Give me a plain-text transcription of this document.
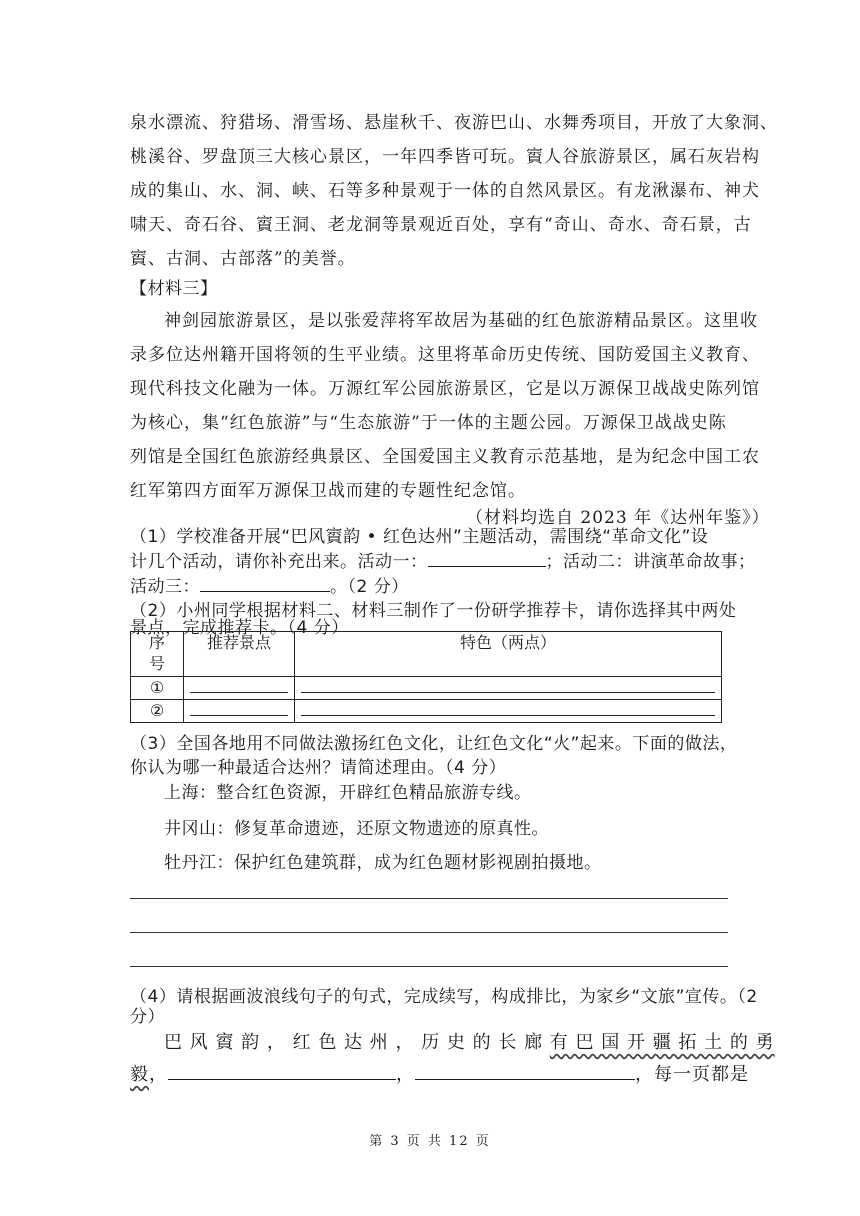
泉水漂流、狩猎场、滑雪场、悬崖秋千、夜游巴山、水舞秀项目，开放了大象洞、
桃溪谷、罗盘顶三大核心景区，一年四季皆可玩。賨人谷旅游景区，属石灰岩构
成的集山、水、洞、峡、石等多种景观于一体的自然风景区。有龙湫瀑布、神犬
啸天、奇石谷、賨王洞、老龙洞等景观近百处，享有“奇山、奇水、奇石景，古
賨、古洞、古部落”的美誉。
【材料三】
神剑园旅游景区，是以张爱萍将军故居为基础的红色旅游精品景区。这里收
录多位达州籍开国将领的生平业绩。这里将革命历史传统、国防爱国主义教育、
现代科技文化融为一体。万源红军公园旅游景区，它是以万源保卫战战史陈列馆
为核心，集“红色旅游”与“生态旅游”于一体的主题公园。万源保卫战战史陈
列馆是全国红色旅游经典景区、全国爱国主义教育示范基地，是为纪念中国工农
红军第四方面军万源保卫战而建的专题性纪念馆。
（材料均选自 2023 年《达州年鉴》）
（1）学校准备开展“巴风賨韵 • 红色达州”主题活动，需围绕“革命文化”设
计几个活动，请你补充出来。活动一：	；活动二：讲演革命故事；
活动三：	。（2 分）
（2）小州同学根据材料二、材料三制作了一份研学推荐卡，请你选择其中两处
景点，完成推荐卡。（4 分）
序
号	推荐景点	特色（两点）
①	

②	

（3）全国各地用不同做法激扬红色文化，让红色文化“火”起来。下面的做法，
你认为哪一种最适合达州？请简述理由。（4 分）
上海：整合红色资源，开辟红色精品旅游专线。
井冈山：修复革命遗迹，还原文物遗迹的原真性。
牡丹江：保护红色建筑群，成为红色题材影视剧拍摄地。
（4）请根据画波浪线句子的句式，完成续写，构成排比，为家乡“文旅”宣传。（2
分）
巴 风 賨 韵 ， 红 色 达 州 ， 历 史 的 长 廊 有 巴 国 开 疆 拓 土 的 勇
毅，	，	，每一页都是
第 3 页 共 12 页
